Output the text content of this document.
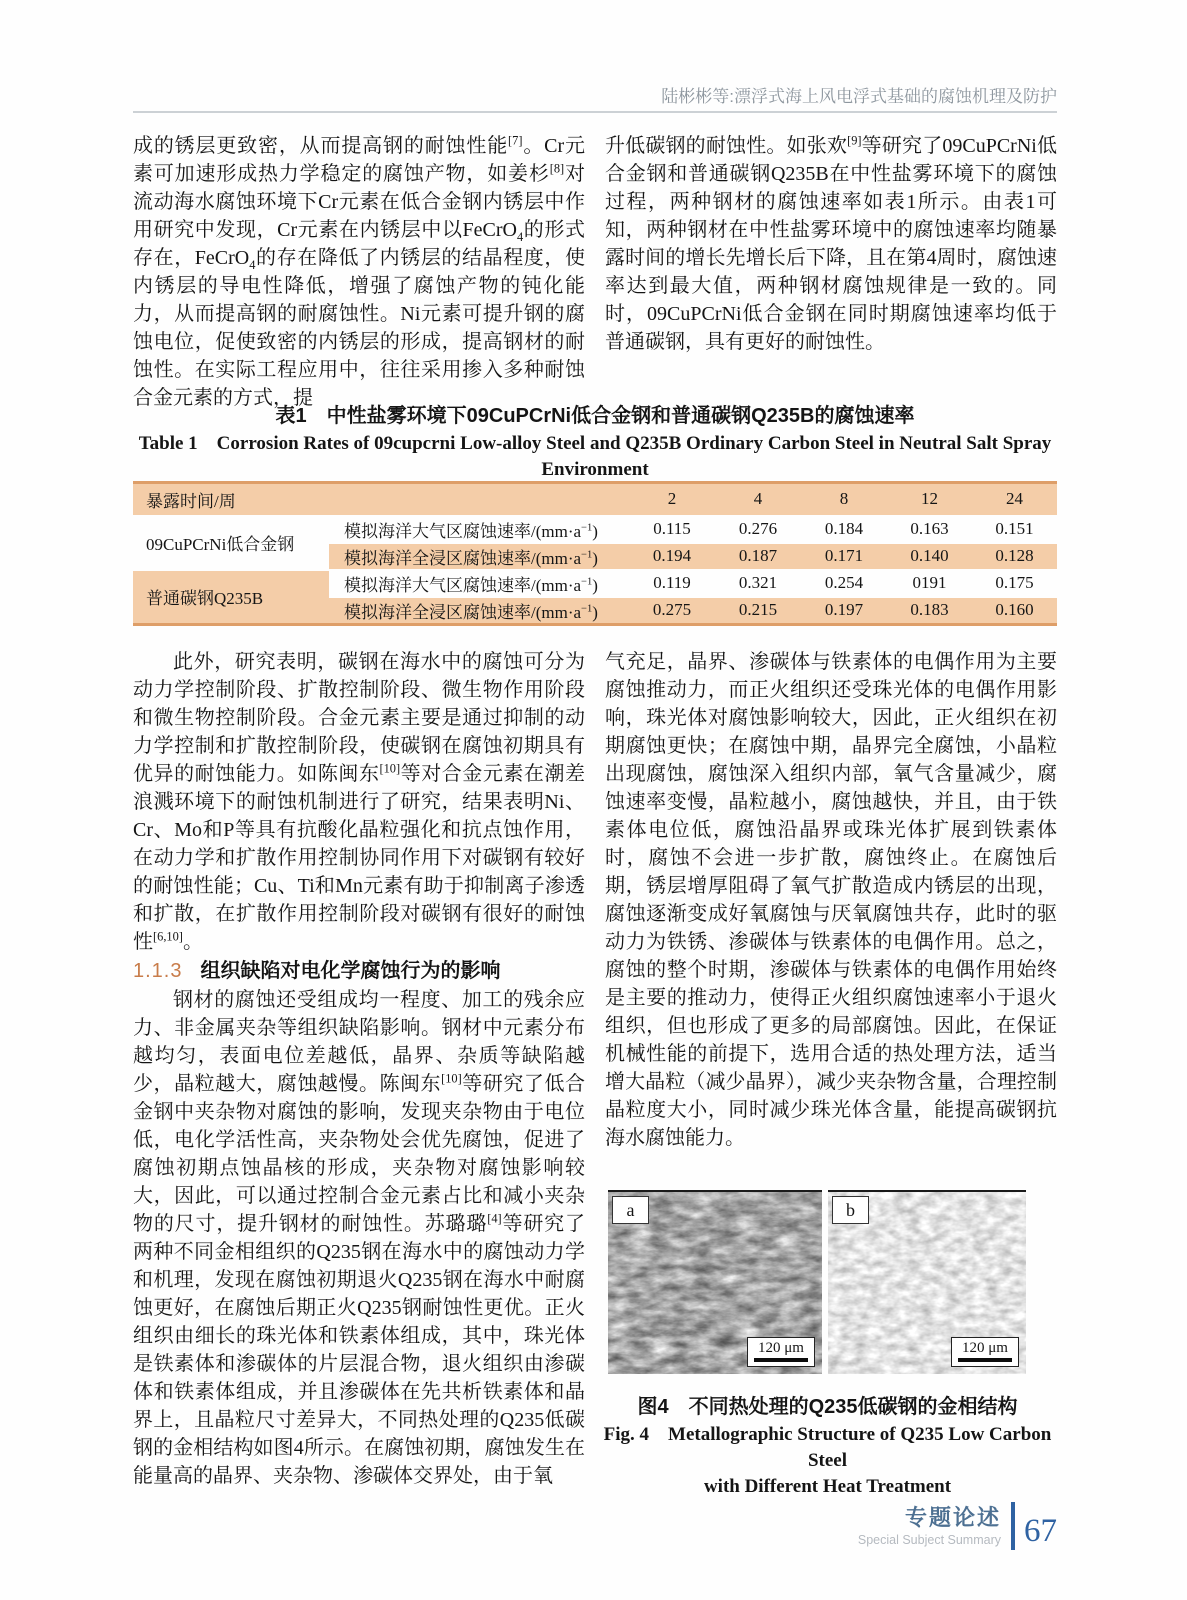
陆彬彬等:漂浮式海上风电浮式基础的腐蚀机理及防护

成的锈层更致密，从而提高钢的耐蚀性能[7]。Cr元素可加速形成热力学稳定的腐蚀产物，如姜杉[8]对流动海水腐蚀环境下Cr元素在低合金钢内锈层中作用研究中发现，Cr元素在内锈层中以FeCrO$_4$的形式存在，FeCrO$_4$的存在降低了内锈层的结晶程度，使内锈层的导电性降低，增强了腐蚀产物的钝化能力，从而提高钢的耐腐蚀性。Ni元素可提升钢的腐蚀电位，促使致密的内锈层的形成，提高钢材的耐蚀性。在实际工程应用中，往往采用掺入多种耐蚀合金元素的方式，提

升低碳钢的耐蚀性。如张欢[9]等研究了09CuPCrNi低合金钢和普通碳钢Q235B在中性盐雾环境下的腐蚀过程，两种钢材的腐蚀速率如表1所示。由表1可知，两种钢材在中性盐雾环境中的腐蚀速率均随暴露时间的增长先增长后下降，且在第4周时，腐蚀速率达到最大值，两种钢材腐蚀规律是一致的。同时，09CuPCrNi低合金钢在同时期腐蚀速率均低于普通碳钢，具有更好的耐蚀性。

表1　中性盐雾环境下09CuPCrNi低合金钢和普通碳钢Q235B的腐蚀速率
Table 1　Corrosion Rates of 09cupcrni Low-alloy Steel and Q235B Ordinary Carbon Steel in Neutral Salt Spray
Environment
暴露时间/周		2	4	8	12	24
09CuPCrNi低合金钢	模拟海洋大气区腐蚀速率$/(mm\cdot a^{-1})$	0.115	0.276	0.184	0.163	0.151
	模拟海洋全浸区腐蚀速率$/(mm\cdot a^{-1})$	0.194	0.187	0.171	0.140	0.128
普通碳钢Q235B	模拟海洋大气区腐蚀速率$/(mm\cdot a^{-1})$	0.119	0.321	0.254	0191	0.175
	模拟海洋全浸区腐蚀速率$/(mm\cdot a^{-1})$	0.275	0.215	0.197	0.183	0.160

此外，研究表明，碳钢在海水中的腐蚀可分为动力学控制阶段、扩散控制阶段、微生物作用阶段和微生物控制阶段。合金元素主要是通过抑制的动力学控制和扩散控制阶段，使碳钢在腐蚀初期具有优异的耐蚀能力。如陈闽东[10]等对合金元素在潮差浪溅环境下的耐蚀机制进行了研究，结果表明Ni、Cr、Mo和P等具有抗酸化晶粒强化和抗点蚀作用，在动力学和扩散作用控制协同作用下对碳钢有较好的耐蚀性能；Cu、Ti和Mn元素有助于抑制离子渗透和扩散，在扩散作用控制阶段对碳钢有很好的耐蚀性[6,10]。

1.1.3 组织缺陷对电化学腐蚀行为的影响

钢材的腐蚀还受组成均一程度、加工的残余应力、非金属夹杂等组织缺陷影响。钢材中元素分布越均匀，表面电位差越低，晶界、杂质等缺陷越少，晶粒越大，腐蚀越慢。陈闽东[10]等研究了低合金钢中夹杂物对腐蚀的影响，发现夹杂物由于电位低，电化学活性高，夹杂物处会优先腐蚀，促进了腐蚀初期点蚀晶核的形成，夹杂物对腐蚀影响较大，因此，可以通过控制合金元素占比和减小夹杂物的尺寸，提升钢材的耐蚀性。苏璐璐[4]等研究了两种不同金相组织的Q235钢在海水中的腐蚀动力学和机理，发现在腐蚀初期退火Q235钢在海水中耐腐蚀更好，在腐蚀后期正火Q235钢耐蚀性更优。正火组织由细长的珠光体和铁素体组成，其中，珠光体是铁素体和渗碳体的片层混合物，退火组织由渗碳体和铁素体组成，并且渗碳体在先共析铁素体和晶界上，且晶粒尺寸差异大，不同热处理的Q235低碳钢的金相结构如图4所示。在腐蚀初期，腐蚀发生在能量高的晶界、夹杂物、渗碳体交界处，由于氧

气充足，晶界、渗碳体与铁素体的电偶作用为主要腐蚀推动力，而正火组织还受珠光体的电偶作用影响，珠光体对腐蚀影响较大，因此，正火组织在初期腐蚀更快；在腐蚀中期，晶界完全腐蚀，小晶粒出现腐蚀，腐蚀深入组织内部，氧气含量减少，腐蚀速率变慢，晶粒越小，腐蚀越快，并且，由于铁素体电位低，腐蚀沿晶界或珠光体扩展到铁素体时，腐蚀不会进一步扩散，腐蚀终止。在腐蚀后期，锈层增厚阻碍了氧气扩散造成内锈层的出现，腐蚀逐渐变成好氧腐蚀与厌氧腐蚀共存，此时的驱动力为铁锈、渗碳体与铁素体的电偶作用。总之，腐蚀的整个时期，渗碳体与铁素体的电偶作用始终是主要的推动力，使得正火组织腐蚀速率小于退火组织，但也形成了更多的局部腐蚀。因此，在保证机械性能的前提下，选用合适的热处理方法，适当增大晶粒（减少晶界），减少夹杂物含量，合理控制晶粒度大小，同时减少珠光体含量，能提高碳钢抗海水腐蚀能力。

a
120 μm
b
120 μm
图4　不同热处理的Q235低碳钢的金相结构
Fig. 4　Metallographic Structure of Q235 Low Carbon Steel
with Different Heat Treatment
专题论述
Special Subject Summary 67
